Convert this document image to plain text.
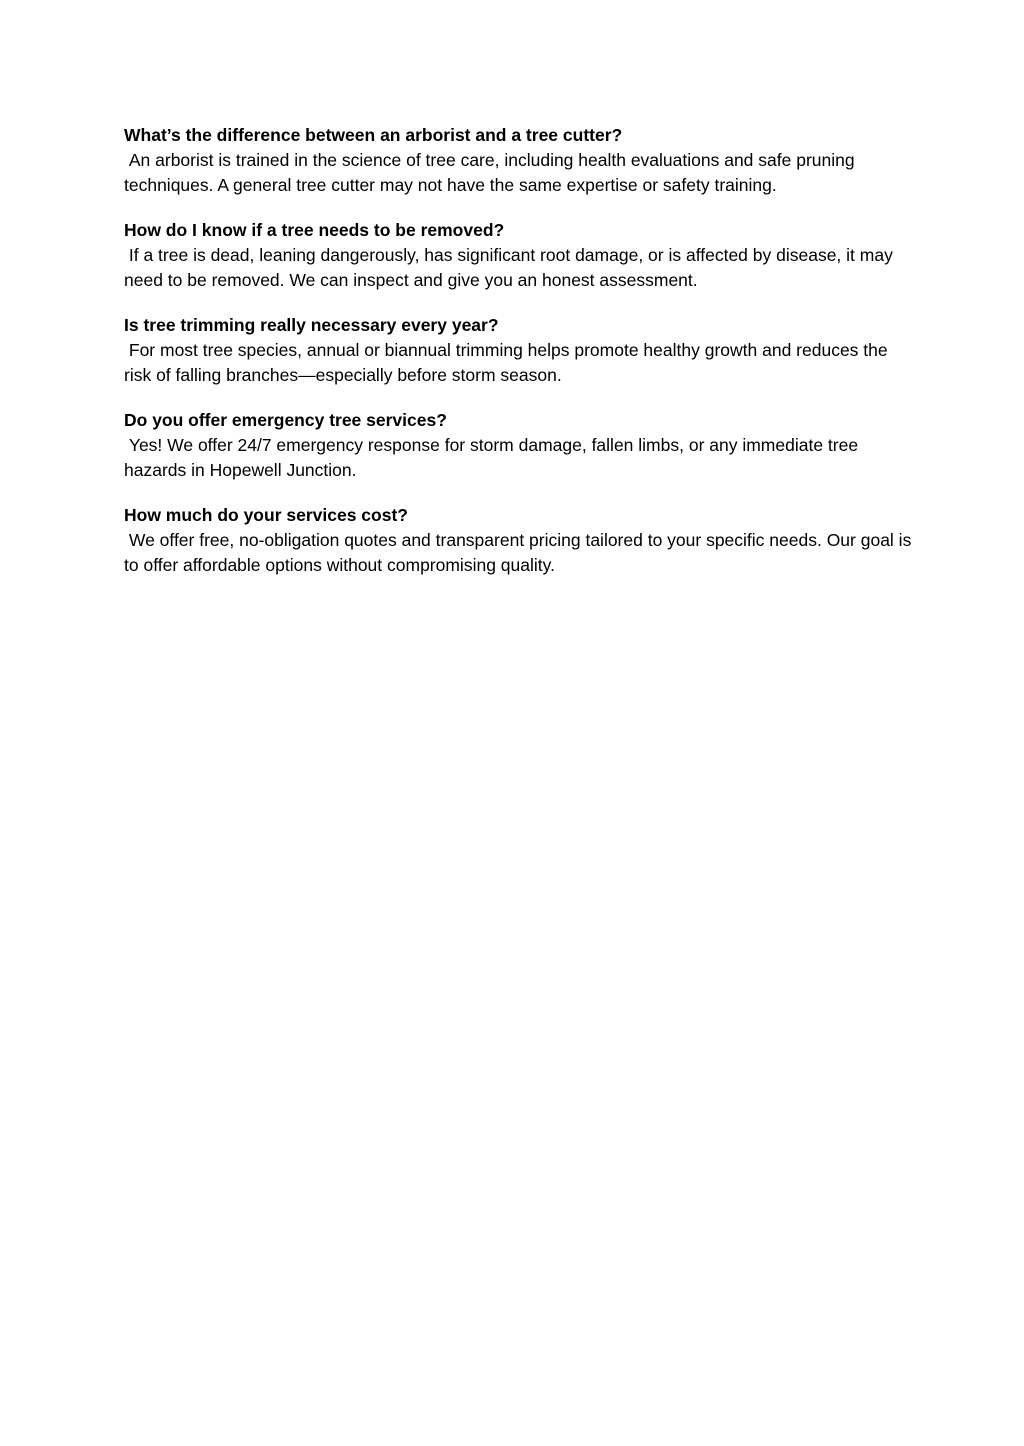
What’s the difference between an arborist and a tree cutter?

An arborist is trained in the science of tree care, including health evaluations and safe pruning techniques. A general tree cutter may not have the same expertise or safety training.

How do I know if a tree needs to be removed?

If a tree is dead, leaning dangerously, has significant root damage, or is affected by disease, it may need to be removed. We can inspect and give you an honest assessment.

Is tree trimming really necessary every year?

For most tree species, annual or biannual trimming helps promote healthy growth and reduces the risk of falling branches—especially before storm season.

Do you offer emergency tree services?

Yes! We offer 24/7 emergency response for storm damage, fallen limbs, or any immediate tree hazards in Hopewell Junction.

How much do your services cost?

We offer free, no-obligation quotes and transparent pricing tailored to your specific needs. Our goal is to offer affordable options without compromising quality.
